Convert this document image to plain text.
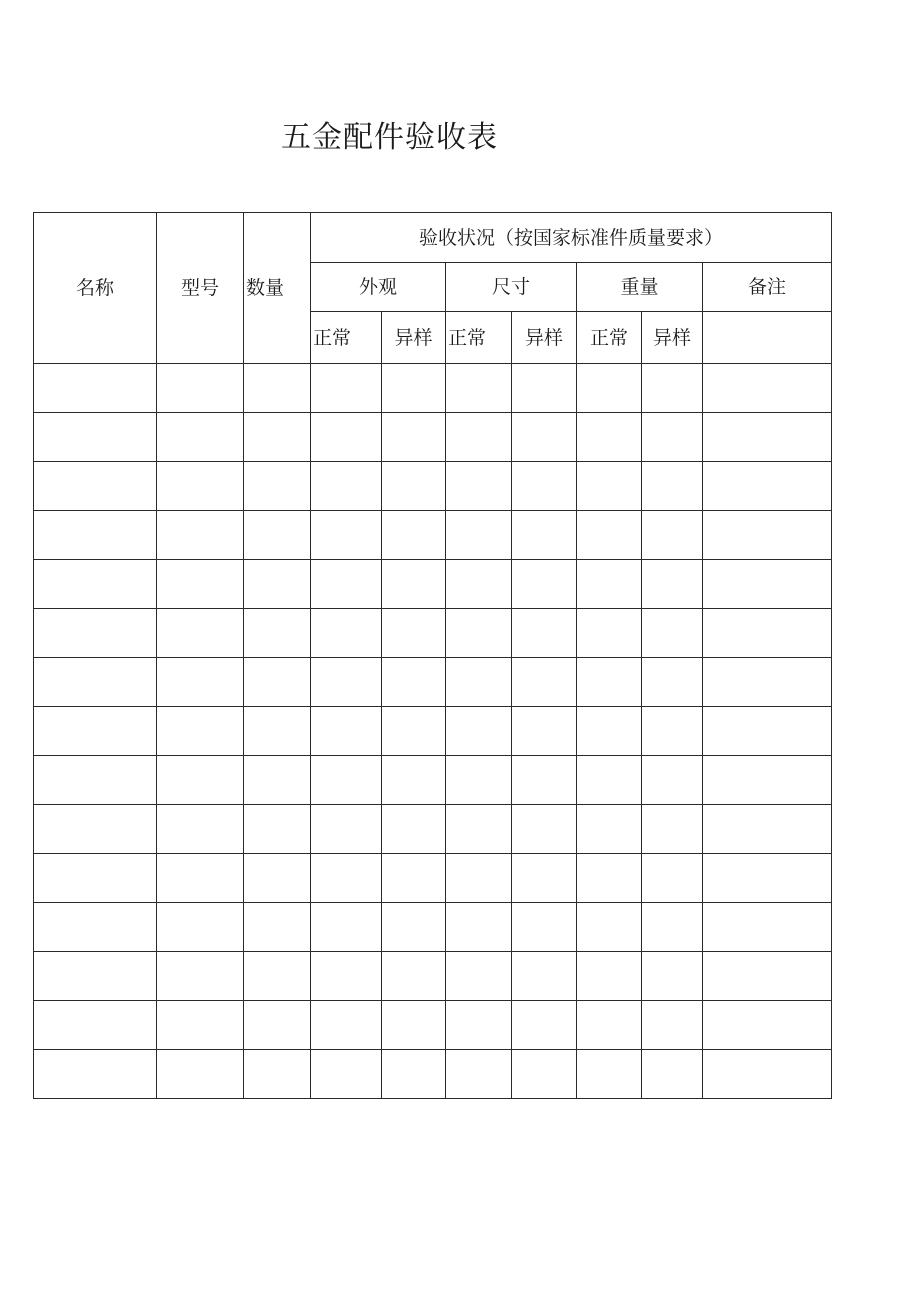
五金配件验收表
名称	型号	数量	验收状况（按国家标准件质量要求）						
			外观		尺寸		重量		备注
			正常	异样	正常	异样	正常	异样	
